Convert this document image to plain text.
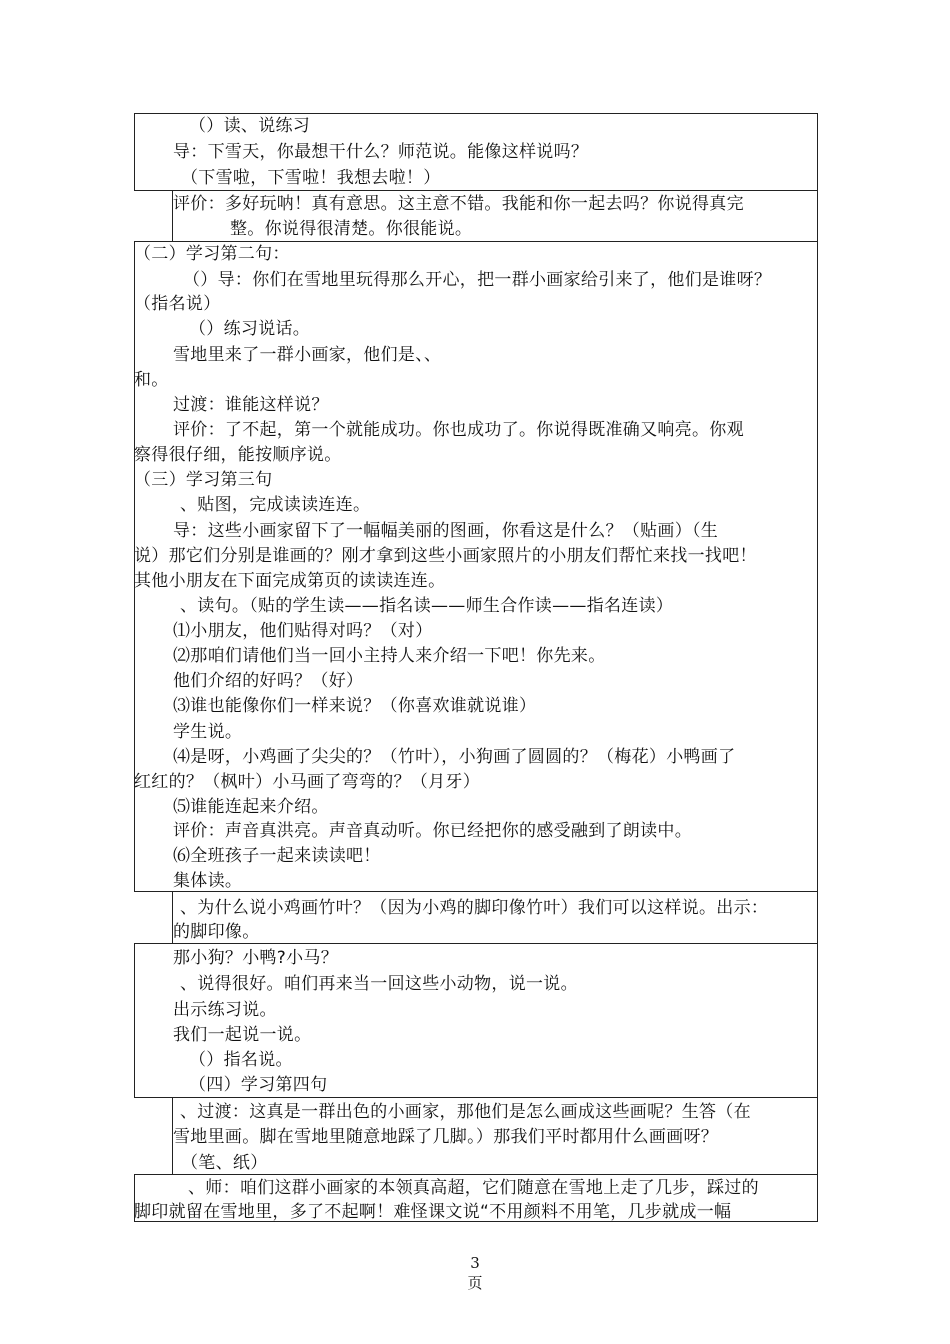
（）读、说练习
导：下雪天，你最想干什么？师范说。能像这样说吗？
（下雪啦，下雪啦！我想去啦！）
评价：多好玩呐！真有意思。这主意不错。我能和你一起去吗？你说得真完
整。你说得很清楚。你很能说。
（二）学习第二句：
（）导：你们在雪地里玩得那么开心，把一群小画家给引来了，他们是谁呀？
（指名说）
（）练习说话。
雪地里来了一群小画家，他们是、、
和。
过渡：谁能这样说？
评价：了不起，第一个就能成功。你也成功了。你说得既准确又响亮。你观
察得很仔细，能按顺序说。
（三）学习第三句
、贴图，完成读读连连。
导：这些小画家留下了一幅幅美丽的图画，你看这是什么？（贴画）（生
说）那它们分别是谁画的？刚才拿到这些小画家照片的小朋友们帮忙来找一找吧！
其他小朋友在下面完成第页的读读连连。
、读句。（贴的学生读——指名读——师生合作读——指名连读）
⑴小朋友，他们贴得对吗？（对）
⑵那咱们请他们当一回小主持人来介绍一下吧！你先来。
他们介绍的好吗？（好）
⑶谁也能像你们一样来说？（你喜欢谁就说谁）
学生说。
⑷是呀，小鸡画了尖尖的？（竹叶），小狗画了圆圆的？（梅花）小鸭画了
红红的？（枫叶）小马画了弯弯的？（月牙）
⑸谁能连起来介绍。
评价：声音真洪亮。声音真动听。你已经把你的感受融到了朗读中。
⑹全班孩子一起来读读吧！
集体读。
、为什么说小鸡画竹叶？（因为小鸡的脚印像竹叶）我们可以这样说。出示：
的脚印像。
那小狗？小鸭?小马？
、说得很好。咱们再来当一回这些小动物，说一说。
出示练习说。
我们一起说一说。
（）指名说。
（四）学习第四句
、过渡：这真是一群出色的小画家，那他们是怎么画成这些画呢？生答（在
雪地里画。脚在雪地里随意地踩了几脚。）那我们平时都用什么画画呀？
（笔、纸）
、师：咱们这群小画家的本领真高超，它们随意在雪地上走了几步，踩过的
脚印就留在雪地里，多了不起啊！难怪课文说“不用颜料不用笔，几步就成一幅
3
页
